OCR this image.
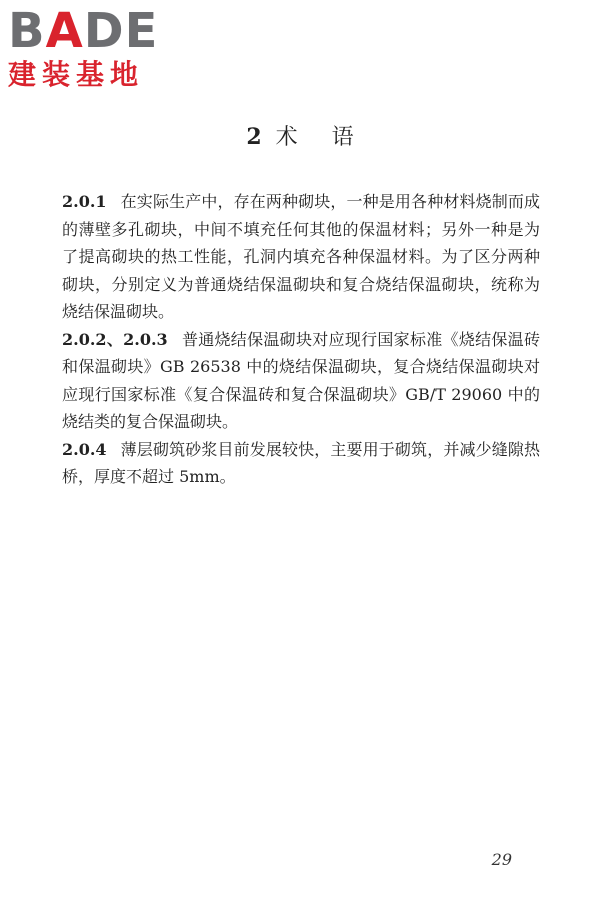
BADE
建装基地
2 术语

2.0.1 在实际生产中，存在两种砌块，一种是用各种材料烧制而成的薄壁多孔砌块，中间不填充任何其他的保温材料；另外一种是为了提高砌块的热工性能，孔洞内填充各种保温材料。为了区分两种砌块，分别定义为普通烧结保温砌块和复合烧结保温砌块，统称为烧结保温砌块。

2.0.2、2.0.3 普通烧结保温砌块对应现行国家标准《烧结保温砖和保温砌块》GB 26538 中的烧结保温砌块，复合烧结保温砌块对应现行国家标准《复合保温砖和复合保温砌块》GB/T 29060 中的烧结类的复合保温砌块。

2.0.4 薄层砌筑砂浆目前发展较快，主要用于砌筑，并减少缝隙热桥，厚度不超过 5mm。

29
